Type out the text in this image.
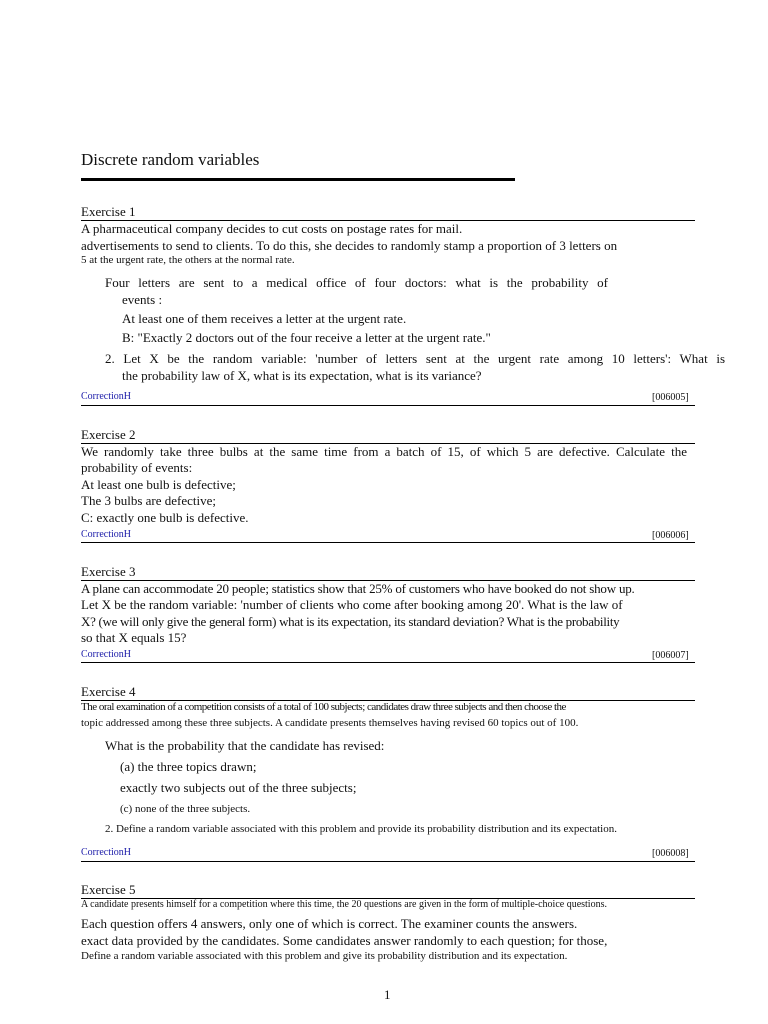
Discrete random variables
Exercise 1
A pharmaceutical company decides to cut costs on postage rates for mail.
advertisements to send to clients. To do this, she decides to randomly stamp a proportion of 3 letters on
5 at the urgent rate, the others at the normal rate.
Four letters are sent to a medical office of four doctors: what is the probability of
events :
At least one of them receives a letter at the urgent rate.
B: "Exactly 2 doctors out of the four receive a letter at the urgent rate."
2. Let X be the random variable: 'number of letters sent at the urgent rate among 10 letters': What is
the probability law of X, what is its expectation, what is its variance?
CorrectionH	[006005]
Exercise 2
We randomly take three bulbs at the same time from a batch of 15, of which 5 are defective. Calculate the
probability of events:
At least one bulb is defective;
The 3 bulbs are defective;
C: exactly one bulb is defective.
CorrectionH	[006006]
Exercise 3
A plane can accommodate 20 people; statistics show that 25% of customers who have booked do not show up.
Let X be the random variable: 'number of clients who come after booking among 20'. What is the law of
X? (we will only give the general form) what is its expectation, its standard deviation? What is the probability
so that X equals 15?
CorrectionH	[006007]
Exercise 4
The oral examination of a competition consists of a total of 100 subjects; candidates draw three subjects and then choose the
topic addressed among these three subjects. A candidate presents themselves having revised 60 topics out of 100.
What is the probability that the candidate has revised:
(a) the three topics drawn;
exactly two subjects out of the three subjects;
(c) none of the three subjects.
2. Define a random variable associated with this problem and provide its probability distribution and its expectation.
CorrectionH	[006008]
Exercise 5
A candidate presents himself for a competition where this time, the 20 questions are given in the form of multiple-choice questions.
Each question offers 4 answers, only one of which is correct. The examiner counts the answers.
exact data provided by the candidates. Some candidates answer randomly to each question; for those,
Define a random variable associated with this problem and give its probability distribution and its expectation.
1
